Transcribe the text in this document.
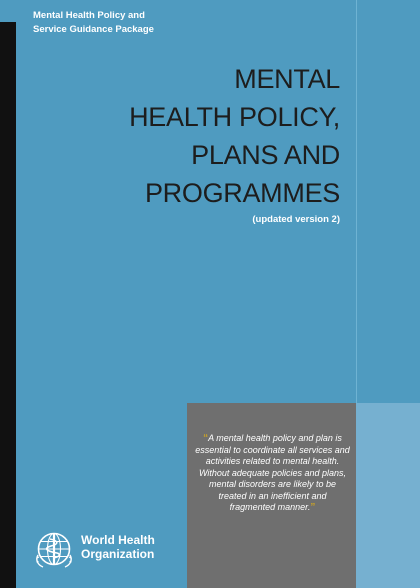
Mental Health Policy and
Service Guidance Package
MENTAL
HEALTH POLICY,
PLANS AND
PROGRAMMES
(updated version 2)
“A mental health policy and plan is essential to coordinate all services and activities related to mental health. Without adequate policies and plans, mental disorders are likely to be treated in an inefficient and fragmented manner.”
World Health
Organization
